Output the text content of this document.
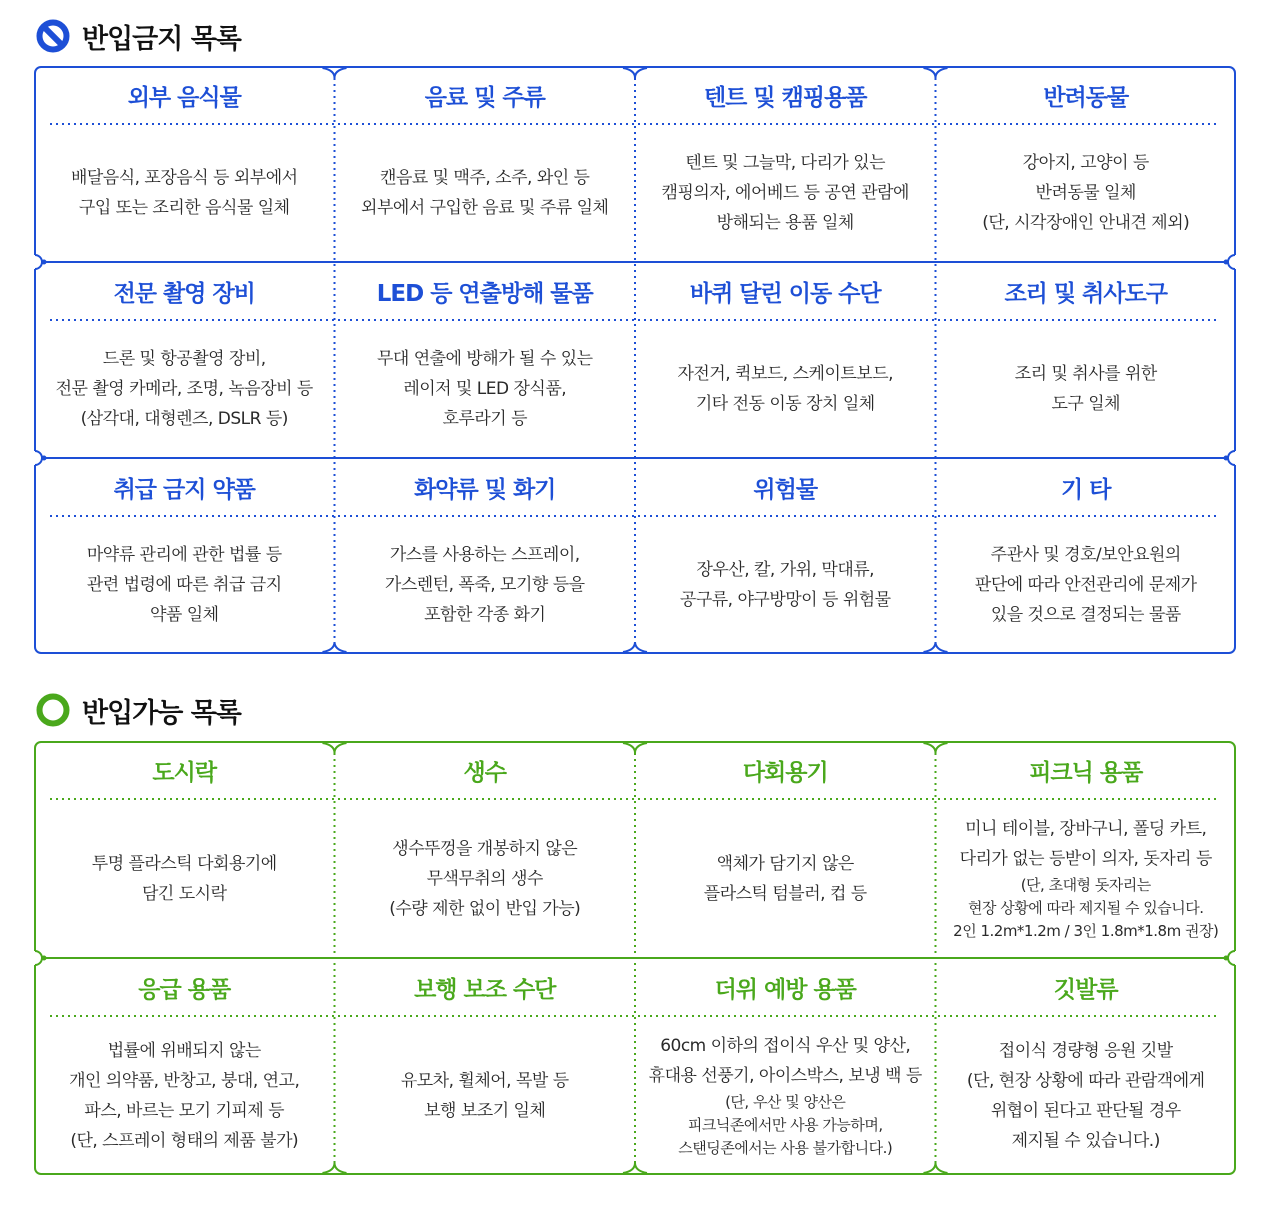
반입금지 목록
외부 음식물
배달음식, 포장음식 등 외부에서
구입 또는 조리한 음식물 일체
음료 및 주류
캔음료 및 맥주, 소주, 와인 등
외부에서 구입한 음료 및 주류 일체
텐트 및 캠핑용품
텐트 및 그늘막, 다리가 있는
캠핑의자, 에어베드 등 공연 관람에
방해되는 용품 일체
반려동물
강아지, 고양이 등
반려동물 일체
(단, 시각장애인 안내견 제외)
전문 촬영 장비
드론 및 항공촬영 장비,
전문 촬영 카메라, 조명, 녹음장비 등
(삼각대, 대형렌즈, DSLR 등)
LED 등 연출방해 물품
무대 연출에 방해가 될 수 있는
레이저 및 LED 장식품,
호루라기 등
바퀴 달린 이동 수단
자전거, 퀵보드, 스케이트보드,
기타 전동 이동 장치 일체
조리 및 취사도구
조리 및 취사를 위한
도구 일체
취급 금지 약품
마약류 관리에 관한 법률 등
관련 법령에 따른 취급 금지
약품 일체
화약류 및 화기
가스를 사용하는 스프레이,
가스렌턴, 폭죽, 모기향 등을
포함한 각종 화기
위험물
장우산, 칼, 가위, 막대류,
공구류, 야구방망이 등 위험물
기 타
주관사 및 경호/보안요원의
판단에 따라 안전관리에 문제가
있을 것으로 결정되는 물품
반입가능 목록
도시락
투명 플라스틱 다회용기에
담긴 도시락
생수
생수뚜껑을 개봉하지 않은
무색무취의 생수
(수량 제한 없이 반입 가능)
다회용기
액체가 담기지 않은
플라스틱 텀블러, 컵 등
피크닉 용품
미니 테이블, 장바구니, 폴딩 카트,
다리가 없는 등받이 의자, 돗자리 등
(단, 초대형 돗자리는
현장 상황에 따라 제지될 수 있습니다.
2인 1.2m*1.2m / 3인 1.8m*1.8m 권장)
응급 용품
법률에 위배되지 않는
개인 의약품, 반창고, 붕대, 연고,
파스, 바르는 모기 기피제 등
(단, 스프레이 형태의 제품 불가)
보행 보조 수단
유모차, 휠체어, 목발 등
보행 보조기 일체
더위 예방 용품
60cm 이하의 접이식 우산 및 양산,
휴대용 선풍기, 아이스박스, 보냉 백 등
(단, 우산 및 양산은
피크닉존에서만 사용 가능하며,
스탠딩존에서는 사용 불가합니다.)
깃발류
접이식 경량형 응원 깃발
(단, 현장 상황에 따라 관람객에게
위협이 된다고 판단될 경우
제지될 수 있습니다.)
